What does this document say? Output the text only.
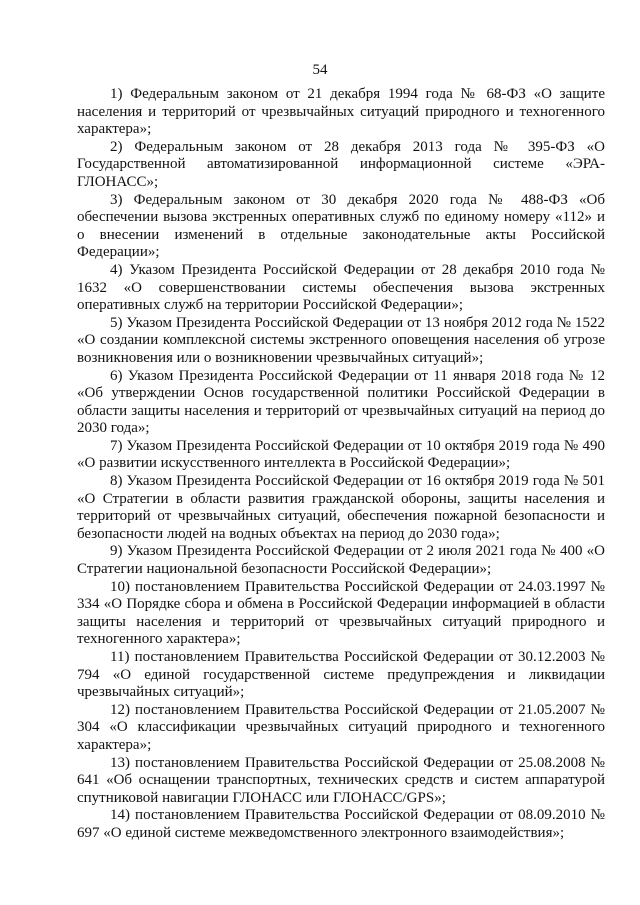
54

1) Федеральным законом от 21 декабря 1994 года № 68-ФЗ «О защите населения и территорий от чрезвычайных ситуаций природного и техногенного характера»;

2) Федеральным законом от 28 декабря 2013 года № 395-ФЗ «О Государственной автоматизированной информационной системе «ЭРА-ГЛОНАСС»;

3) Федеральным законом от 30 декабря 2020 года № 488-ФЗ «Об обеспечении вызова экстренных оперативных служб по единому номеру «112» и о внесении изменений в отдельные законодательные акты Российской Федерации»;

4) Указом Президента Российской Федерации от 28 декабря 2010 года № 1632 «О совершенствовании системы обеспечения вызова экстренных оперативных служб на территории Российской Федерации»;

5) Указом Президента Российской Федерации от 13 ноября 2012 года № 1522 «О создании комплексной системы экстренного оповещения населения об угрозе возникновения или о возникновении чрезвычайных ситуаций»;

6) Указом Президента Российской Федерации от 11 января 2018 года № 12 «Об утверждении Основ государственной политики Российской Федерации в области защиты населения и территорий от чрезвычайных ситуаций на период до 2030 года»;

7) Указом Президента Российской Федерации от 10 октября 2019 года № 490 «О развитии искусственного интеллекта в Российской Федерации»;

8) Указом Президента Российской Федерации от 16 октября 2019 года № 501 «О Стратегии в области развития гражданской обороны, защиты населения и территорий от чрезвычайных ситуаций, обеспечения пожарной безопасности и безопасности людей на водных объектах на период до 2030 года»;

9) Указом Президента Российской Федерации от 2 июля 2021 года № 400 «О Стратегии национальной безопасности Российской Федерации»;

10) постановлением Правительства Российской Федерации от 24.03.1997 № 334 «О Порядке сбора и обмена в Российской Федерации информацией в области защиты населения и территорий от чрезвычайных ситуаций природного и техногенного характера»;

11) постановлением Правительства Российской Федерации от 30.12.2003 № 794 «О единой государственной системе предупреждения и ликвидации чрезвычайных ситуаций»;

12) постановлением Правительства Российской Федерации от 21.05.2007 № 304 «О классификации чрезвычайных ситуаций природного и техногенного характера»;

13) постановлением Правительства Российской Федерации от 25.08.2008 № 641 «Об оснащении транспортных, технических средств и систем аппаратурой спутниковой навигации ГЛОНАСС или ГЛОНАСС/GPS»;

14) постановлением Правительства Российской Федерации от 08.09.2010 № 697 «О единой системе межведомственного электронного взаимодействия»;
